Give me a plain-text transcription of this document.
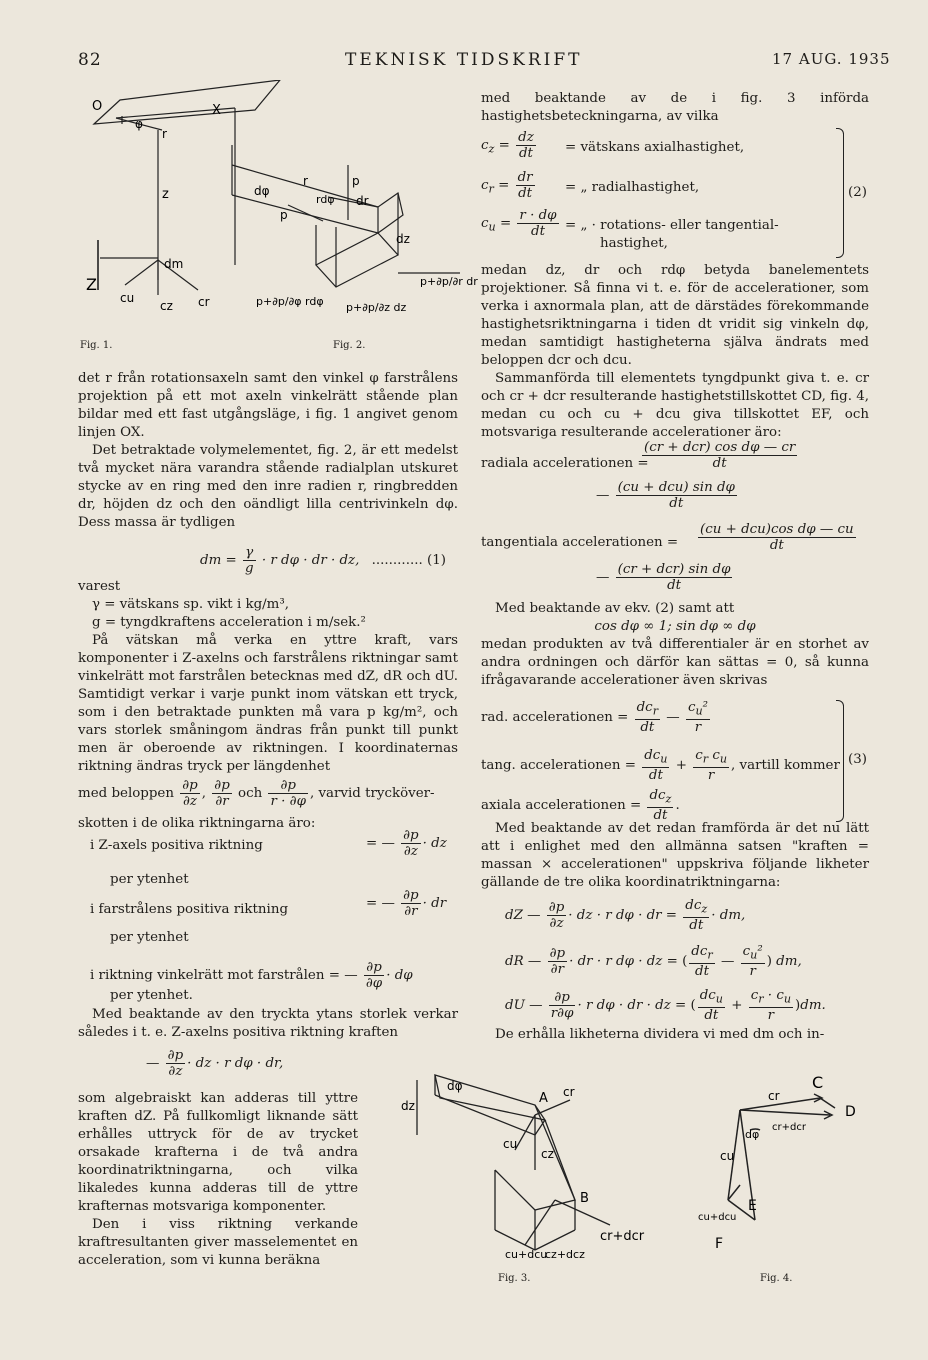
82	TEKNISK TIDSKRIFT	17 AUG. 1935
O	X
φ
r
z
Z
dm
cu
cz cr
Fig. 1.
dφ
r
rdφ
p
dr
p
dz
p+∂p/∂φ rdφ p+∂p/∂z dz
p+∂p/∂r dr
Fig. 2.

det r från rotationsaxeln samt den vinkel φ farstrålens projektion på ett mot axeln vinkelrätt stående plan bildar med ett fast utgångsläge, i fig. 1 angivet genom linjen OX.

Det betraktade volymelementet, fig. 2, är ett medelst två mycket nära varandra stående radialplan utskuret stycke av en ring med den inre radien r, ringbredden dr, höjden dz och den oändligt lilla centrivinkeln dφ. Dess massa är tydligen

dm = $\frac{\gamma}{g} \cdot r$ dφ · dr · dz, ............ (1)

varest

γ = vätskans sp. vikt i kg/m³,

g = tyngdkraftens acceleration i m/sek.²

På vätskan må verka en yttre kraft, vars komponenter i Z-axelns och farstrålens riktningar samt vinkelrätt mot farstrålen betecknas med dZ, dR och dU. Samtidigt verkar i varje punkt inom vätskan ett tryck, som i den betraktade punkten må vara p kg/m², och vars storlek småningom ändras från punkt till punkt men är oberoende av riktningen. I koordinaternas riktning ändras tryck per längdenhet

med beloppen $\frac{\partial p}{\partial z}$ , $\frac{\partial p}{\partial r}$ och $\frac{\partial p}{r \cdot \partial\varphi}$ , varvid trycköver-

skotten i de olika riktningarna äro:

i Z-axels positiva riktning	= — $\frac{\partial p}{\partial z}$ · dz
per ytenhet
i farstrålens positiva riktning	= — $\frac{\partial p}{\partial r}$ · dr
per ytenhet
i riktning vinkelrätt mot farstrålen = — $\frac{\partial p}{\partial\varphi} \cdot d\varphi$
per ytenhet.

Med beaktande av den tryckta ytans storlek verkar således i t. e. Z-axelns positiva riktning kraften

— $\frac{\partial p}{\partial z}$ · dz · r dφ · dr,

som algebraiskt kan adderas till yttre kraften dZ. På fullkomligt liknande sätt erhålles uttryck för de av trycket orsakade krafterna i de två andra koordinatriktningarna, och vilka likaledes kunna adderas till de yttre krafternas motsvariga komponenter.

Den i viss riktning verkande kraftresultanten giver masselementet en acceleration, som vi kunna beräkna

med beaktande av de i fig. 3 införda hastighetsbeteckningarna, av vilka

$c_z = \frac{dz}{dt}$ = vätskans axialhastighet,
$c_r = \frac{dr}{dt}$ = „ radialhastighet,
$c_u = \frac{r \cdot d\varphi}{dt}$ = „ · rotations- eller tangential-
hastighet,
(2)

medan dz, dr och rdφ betyda banelementets projektioner. Så finna vi t. e. för de accelerationer, som verka i axnormala plan, att de därstädes förekommande hastighetsriktningarna i tiden dt vridit sig vinkeln dφ, medan samtidigt hastigheterna själva ändrats med beloppen dcr och dcu.

Sammanförda till elementets tyngdpunkt giva t. e. cr och cr + dcr resulterande hastighetstillskottet CD, fig. 4, medan cu och cu + dcu giva tillskottet EF, och motsvariga resulterande accelerationer äro:

radiala accelerationen =
$\frac{\text{(cr + dcr) cos dφ — cr}}{dt}$
— $\frac{\text{(cu + dcu) sin dφ}}{dt}$
tangentiala accelerationen = $\frac{\text{(cu + dcu)cos dφ — cu}}{dt}$
— $\frac{\text{(cr + dcr) sin dφ}}{dt}$

Med beaktande av ekv. (2) samt att

cos dφ ∞ 1; sin dφ ∞ dφ

medan produkten av två differentialer är en storhet av andra ordningen och därför kan sättas = 0, så kunna ifrågavarande accelerationer även skrivas

rad. accelerationen = $\frac{dc_r}{dt}$ — $\frac{c_u^2}{r}$
tang. accelerationen = $\frac{dc_u}{dt} + \frac{c_r c_u}{r}$ , vartill kommer
axiala accelerationen = $\frac{dc_z}{dt}$ .
(3)

Med beaktande av det redan framförda är det nu lätt att i enlighet med den allmänna satsen "kraften = massan × accelerationen" uppskriva följande likheter gällande de tre olika koordinatriktningarna:

dZ — $\frac{\partial p}{\partial z}$ · dz · r dφ · dr = $\frac{dc_z}{dt}$ · dm,
dR — $\frac{\partial p}{\partial r}$ · dr · r dφ · dz = ( $\frac{dc_r}{dt}$ — $\frac{c_u^2}{r}$ ) dm,
dU — $\frac{\partial p}{r\partial\varphi} \cdot r$ dφ · dr · dz = ( $\frac{dc_u}{dt} + \frac{c_r \cdot c_u}{r} )dm$.

De erhålla likheterna dividera vi med dm och in-

dz
dφ
A cr
cu
cz
B
cu+dcu
cz+dcz
cr+dcr
Fig. 3.
C
D
cr
cr+dcr
dφ
cu
cu+dcu
E
F
Fig. 4.
